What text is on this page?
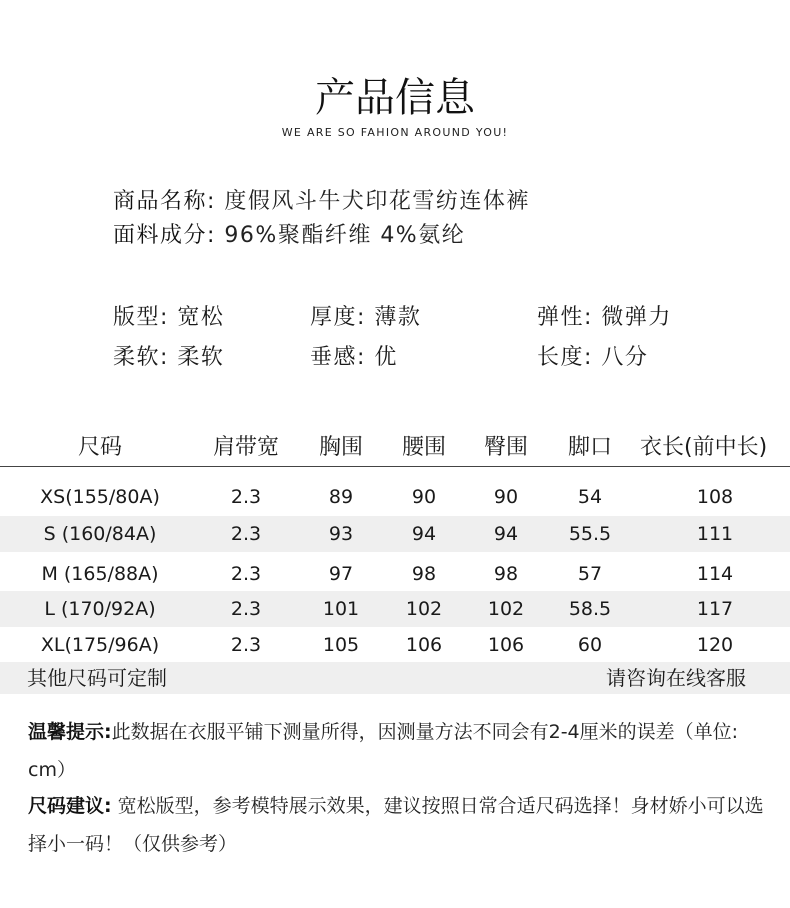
产品信息
WE ARE SO FAHION AROUND YOU!
商品名称: 度假风斗牛犬印花雪纺连体裤
面料成分: 96%聚酯纤维 4%氨纶
版型: 宽松	厚度: 薄款	弹性: 微弹力
柔软: 柔软	垂感: 优	长度: 八分
尺码	肩带宽	胸围	腰围	臀围	脚口	衣长(前中长)
XS(155/80A)	2.3	89	90	90	54	108
S (160/84A)	2.3	93	94	94	55.5	111
M (165/88A)	2.3	97	98	98	57	114
L (170/92A)	2.3	101	102	102	58.5	117
XL(175/96A)	2.3	105	106	106	60	120
其他尺码可定制	请咨询在线客服
温馨提示:此数据在衣服平铺下测量所得，因测量方法不同会有2-4厘米的误差（单位: cm）
尺码建议: 宽松版型，参考模特展示效果，建议按照日常合适尺码选择！身材娇小可以选择小一码！（仅供参考）
